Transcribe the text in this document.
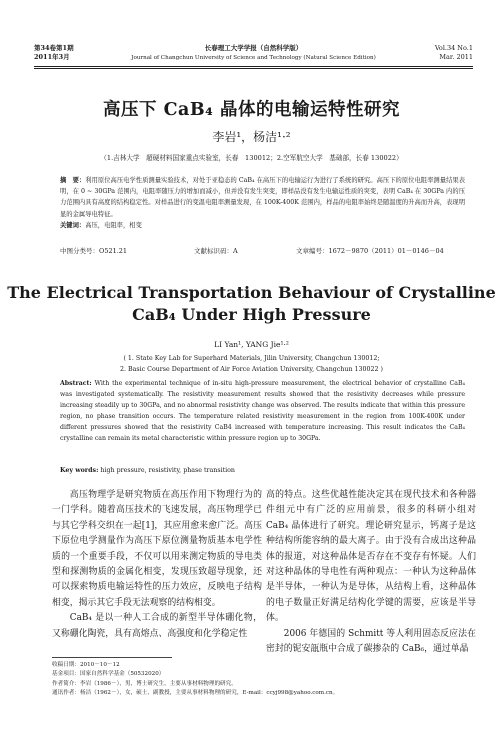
第34卷第1期
2011年3月
长春理工大学学报（自然科学版）
Journal of Changchun University of Science and Technology (Natural Science Edition)
Vol.34 No.1
Mar. 2011
高压下 CaB₄ 晶体的电输运特性研究
李岩¹，杨洁¹·²
（1.吉林大学　超硬材料国家重点实验室，长春　130012；2.空军航空大学　基础部，长春 130022）
摘　要：利用原位高压电学性质测量实验技术，对处于亚稳态的 CaB₄ 在高压下的电输运行为进行了系统的研究。高压下的原位电阻率测量结果表明，在 0 ~ 30GPa 范围内，电阻率随压力的增加而减小，但并没有发生突变，即样品没有发生电输运性质的突变，表明 CaB₄ 在 30GPa 内的压力范围内具有高度的结构稳定性。对样品进行的变温电阻率测量发现，在 100K-400K 范围内，样品的电阻率始终是随温度的升高而升高，表现明显的金属导电特征。
关键词：高压，电阻率，相变
中图分类号：O521.21	文献标识码：A	文章编号：1672－9870（2011）01－0146－04
The Electrical Transportation Behaviour of Crystalline
CaB₄ Under High Pressure
LI Yan¹, YANG Jie¹·²
( 1. State Key Lab for Superhard Materials, Jilin University, Changchun 130012;
2. Basic Course Department of Air Force Aviation University, Changchun 130022 )
Abstract: With the experimental technique of in-situ high-pressure measurement, the electrical behavior of crystalline CaB₄ was investigated systematically. The resistivity measurement results showed that the resistivity decreases while pressure increasing steadily up to 30GPa, and no abnormal resistivity change was observed. The results indicate that within this pressure region, no phase transition occurs. The temperature related resistivity measurement in the region from 100K-400K under different pressures showed that the resistivity CaB4 increased with temperature increasing. This result indicates the CaB₄ crystalline can remain its metal characteristic within pressure region up to 30GPa.
Key words: high pressure, resistivity, phase transition

高压物理学是研究物质在高压作用下物理行为的一门学科。随着高压技术的飞速发展，高压物理学已与其它学科交织在一起[1]，其应用愈来愈广泛。高压下原位电学测量作为高压下原位测量物质基本电学性质的一个重要手段，不仅可以用来测定物质的导电类型和探测物质的金属化相变，发现压致超导现象，还可以探索物质电输运特性的压力效应，反映电子结构相变，揭示其它手段无法观察的结构相变。

CaB₄ 是以一种人工合成的新型半导体硼化物，又称硼化陶瓷，具有高熔点、高强度和化学稳定性

高的特点。这些优越性能决定其在现代技术和各种器件组元中有广泛的应用前景，很多的科研小组对 CaB₄ 晶体进行了研究。理论研究显示，钙离子是这种结构所能容纳的最大离子。由于没有合成出这种晶体的报道，对这种晶体是否存在不变存有怀疑。人们对这种晶体的导电性有两种观点：一种认为这种晶体是半导体，一种认为是导体，从结构上看，这种晶体的电子数量正好满足结构化学键的需要，应该是半导体。

2006 年德国的 Schmitt 等人利用固态反应法在密封的铌安瓿瓶中合成了碳掺杂的 CaB₆，通过单晶

收稿日期：2010－10－12
基金项目：国家自然科学基金（50532020）
作者简介：李岩（1986－），男，博士研究生，主要从事材料物理的研究。
通讯作者：杨洁（1962－），女，硕士，副教授，主要从事材料物理的研究，E-mail：ccyj998@yahoo.com.cn。
